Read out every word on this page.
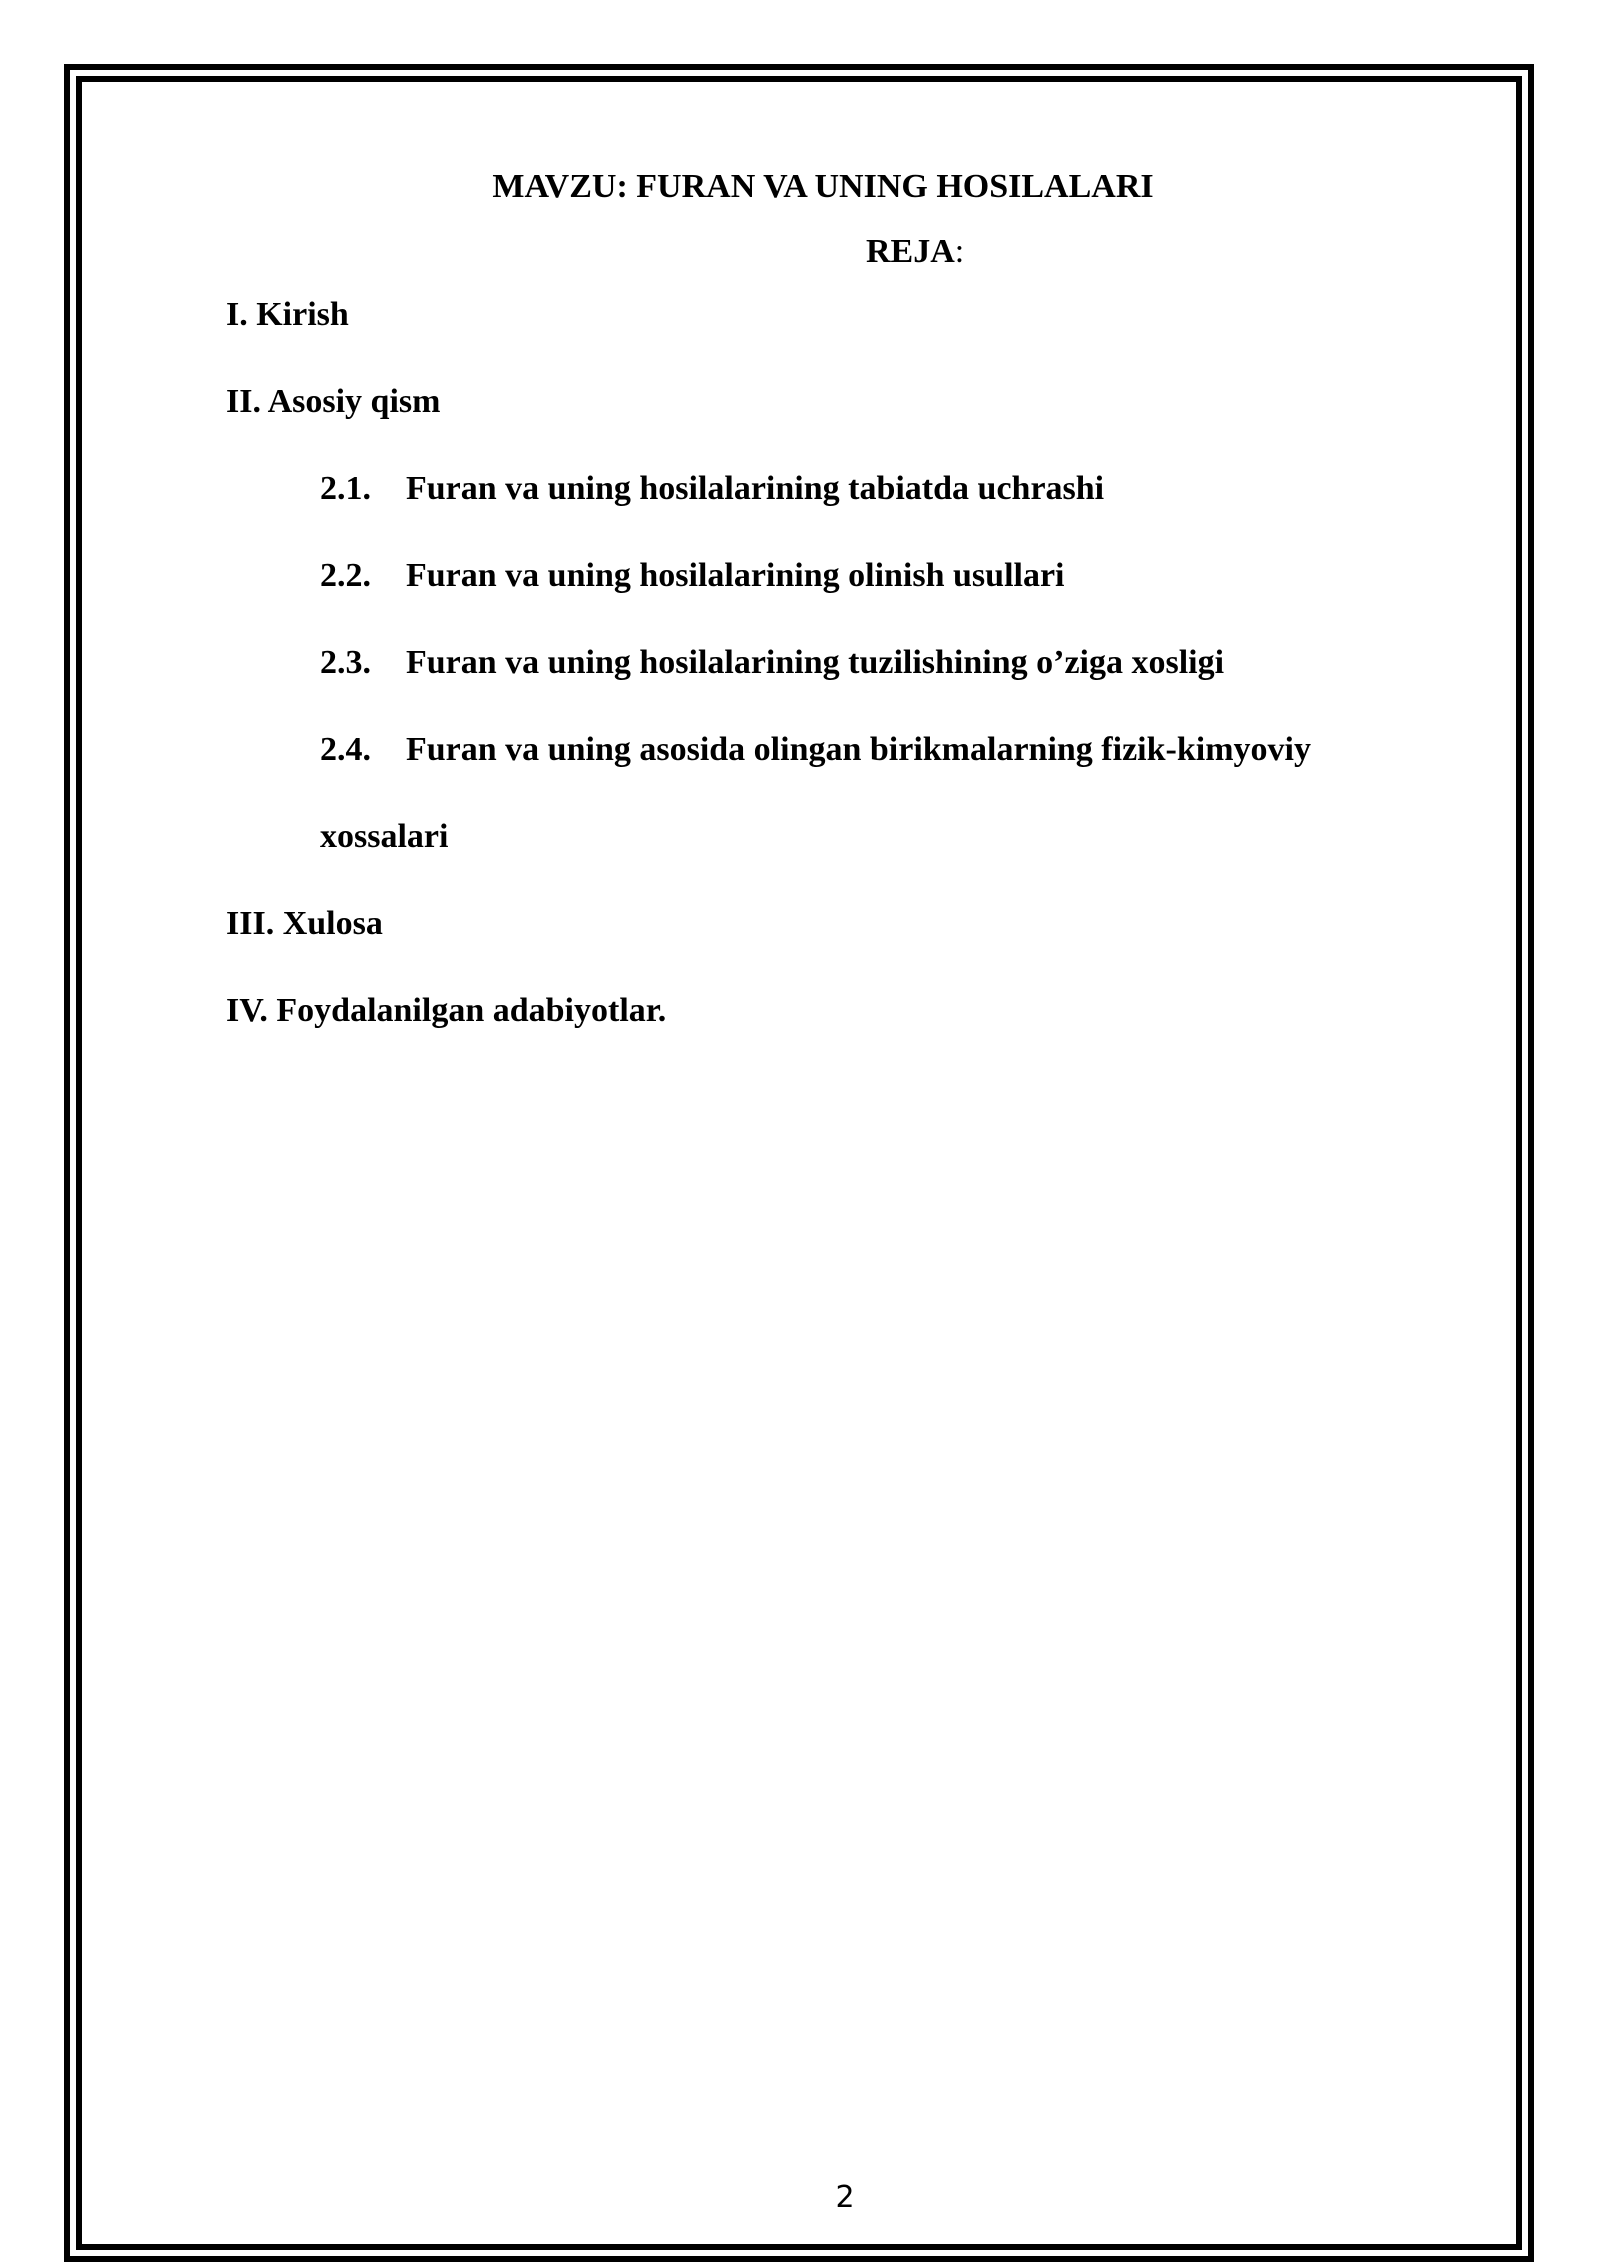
MAVZU: FURAN VA UNING HOSILALARI
REJA:
I. Kirish
II. Asosiy qism
2.1. Furan va uning hosilalarining tabiatda uchrashi
2.2. Furan va uning hosilalarining olinish usullari
2.3. Furan va uning hosilalarining tuzilishining o’ziga xosligi
2.4. Furan va uning asosida olingan birikmalarning fizik-kimyoviy
xossalari
III. Xulosa
IV. Foydalanilgan adabiyotlar.
2
